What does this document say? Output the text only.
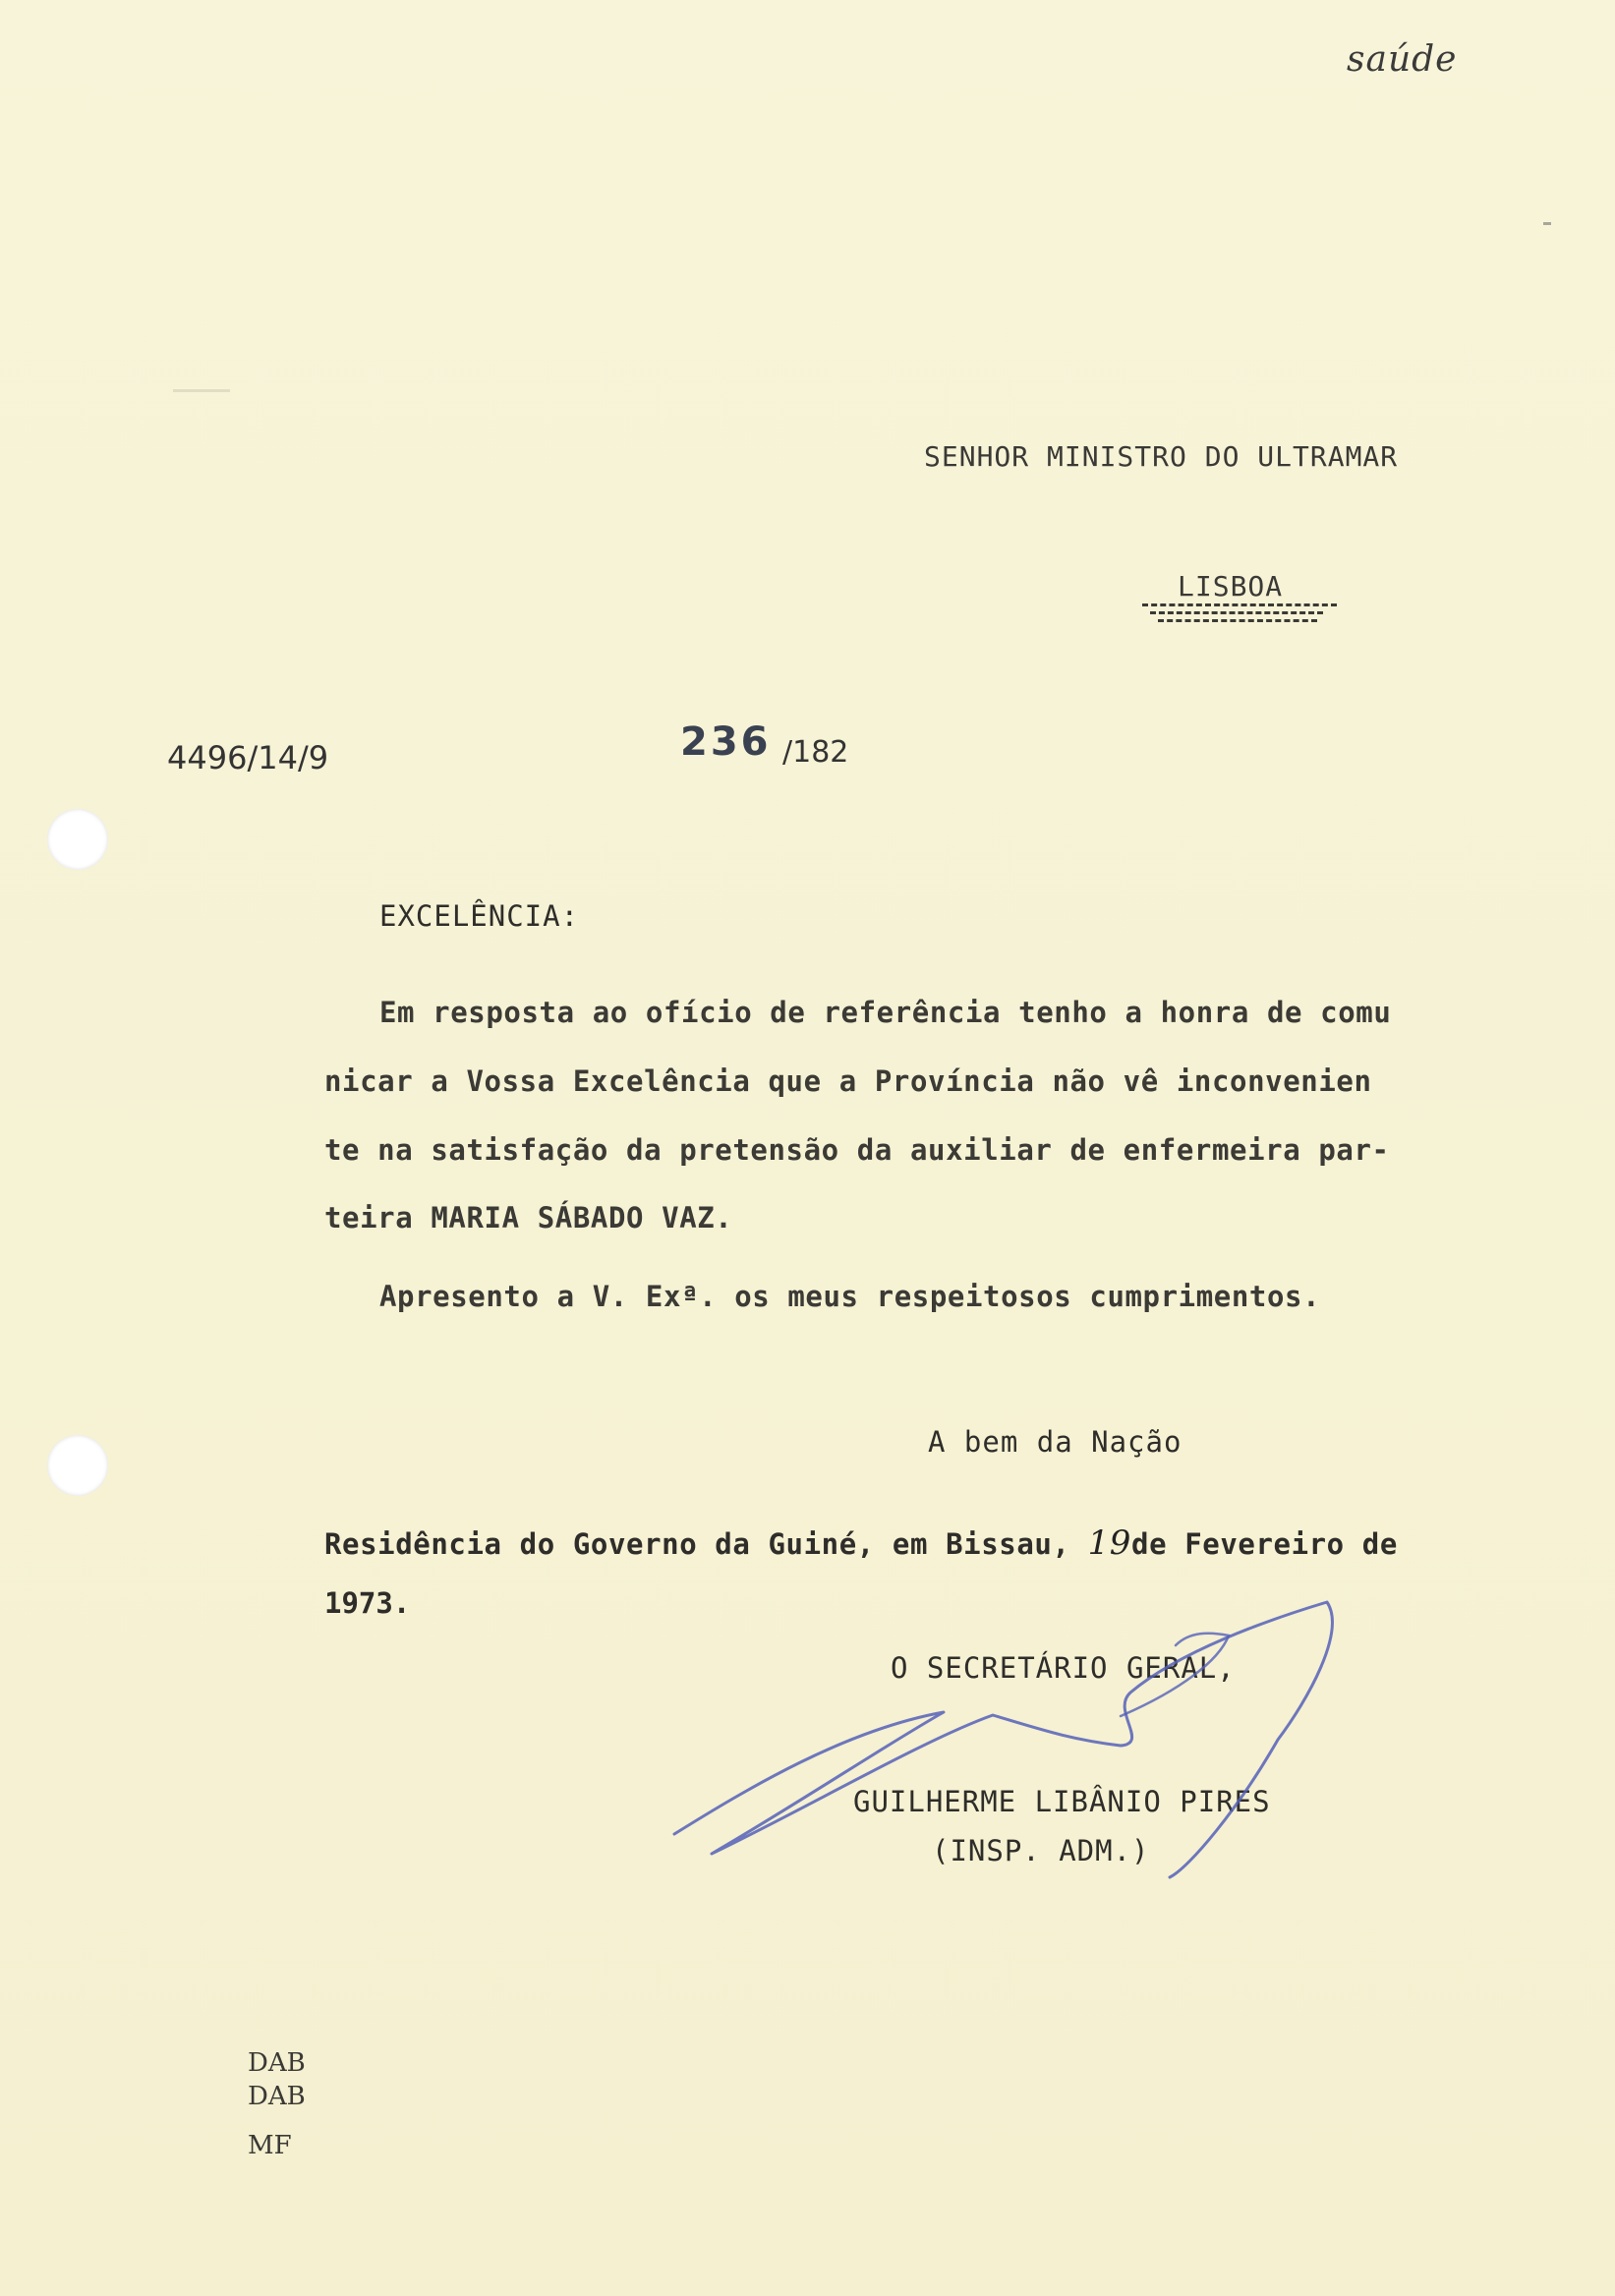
saúde
SENHOR MINISTRO DO ULTRAMAR
LISBOA
4496/14/9	236 /182
EXCELÊNCIA:
Em resposta ao ofício de referência tenho a honra de comu
nicar a Vossa Excelência que a Província não vê inconvenien
te na satisfação da pretensão da auxiliar de enfermeira par-
teira MARIA SÁBADO VAZ.
Apresento a V. Exª. os meus respeitosos cumprimentos.
A bem da Nação
Residência do Governo da Guiné, em Bissau, 19de Fevereiro de
1973.
O SECRETÁRIO GERAL,
GUILHERME LIBÂNIO PIRES
(INSP. ADM.)
DAB
DAB
MF
